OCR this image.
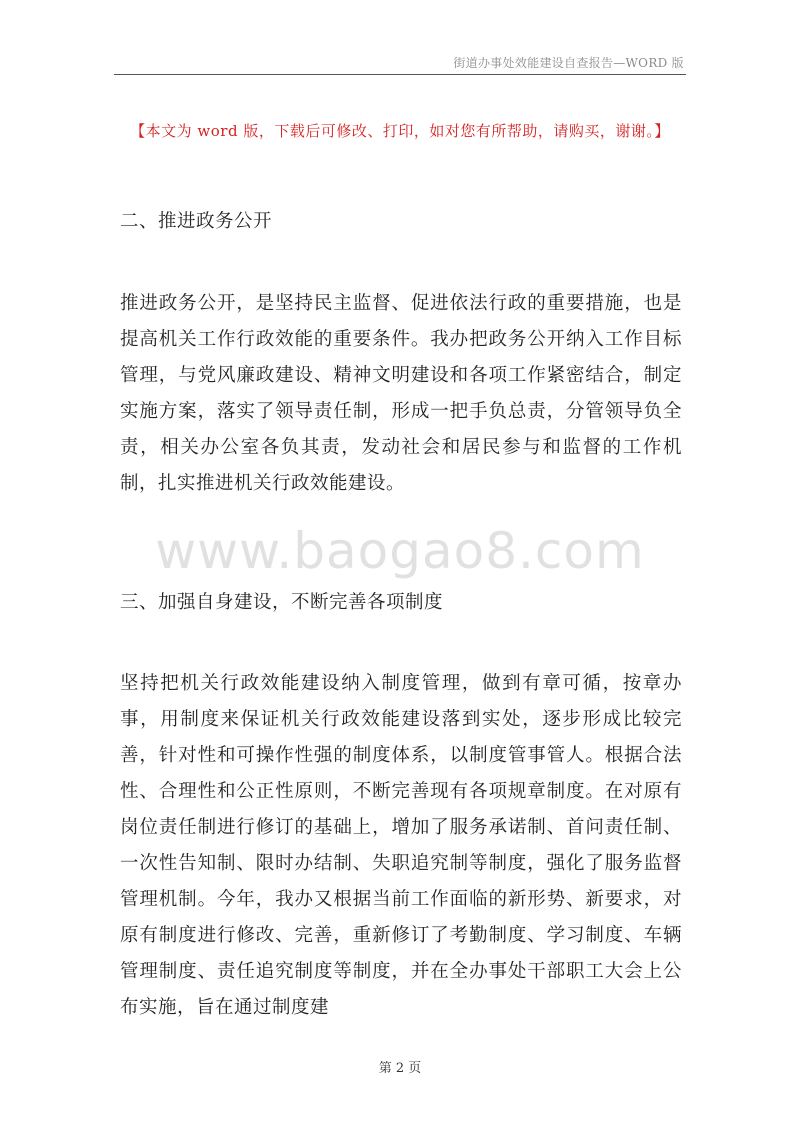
街道办事处效能建设自查报告—WORD 版
【本文为 word 版，下载后可修改、打印，如对您有所帮助，请购买，谢谢。】
二、推进政务公开
推进政务公开，是坚持民主监督、促进依法行政的重要措施，也是提高机关工作行政效能的重要条件。我办把政务公开纳入工作目标管理，与党风廉政建设、精神文明建设和各项工作紧密结合，制定实施方案，落实了领导责任制，形成一把手负总责，分管领导负全责，相关办公室各负其责，发动社会和居民参与和监督的工作机制，扎实推进机关行政效能建设。
www.baogao8.com
三、加强自身建设，不断完善各项制度
坚持把机关行政效能建设纳入制度管理，做到有章可循，按章办事，用制度来保证机关行政效能建设落到实处，逐步形成比较完善，针对性和可操作性强的制度体系，以制度管事管人。根据合法性、合理性和公正性原则，不断完善现有各项规章制度。在对原有岗位责任制进行修订的基础上，增加了服务承诺制、首问责任制、一次性告知制、限时办结制、失职追究制等制度，强化了服务监督管理机制。今年，我办又根据当前工作面临的新形势、新要求，对原有制度进行修改、完善，重新修订了考勤制度、学习制度、车辆管理制度、责任追究制度等制度，并在全办事处干部职工大会上公布实施，旨在通过制度建
第 2 页
